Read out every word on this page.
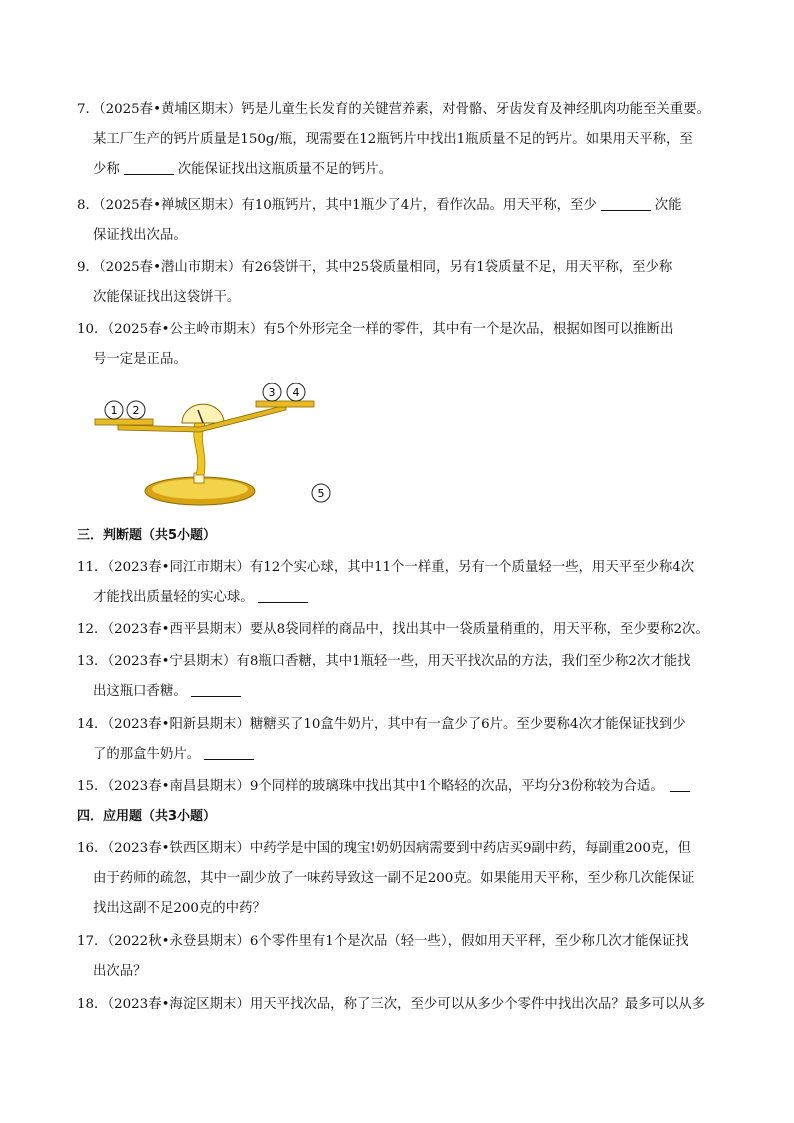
7．（2025春•黄埔区期末）钙是儿童生长发育的关键营养素，对骨骼、牙齿发育及神经肌肉功能至关重要。
某工厂生产的钙片质量是150g/瓶，现需要在12瓶钙片中找出1瓶质量不足的钙片。如果用天平称，至
少称	次能保证找出这瓶质量不足的钙片。
8．（2025春•禅城区期末）有10瓶钙片，其中1瓶少了4片，看作次品。用天平称，至少	次能
保证找出次品。
9．（2025春•潜山市期末）有26袋饼干，其中25袋质量相同，另有1袋质量不足，用天平称，至少称
次能保证找出这袋饼干。
10．（2025春•公主岭市期末）有5个外形完全一样的零件，其中有一个是次品，根据如图可以推断出
号一定是正品。
1 2
3 4
5
三．判断题（共5小题）
11．（2023春•同江市期末）有12个实心球，其中11个一样重，另有一个质量轻一些，用天平至少称4次
才能找出质量轻的实心球。
12．（2023春•西平县期末）要从8袋同样的商品中，找出其中一袋质量稍重的，用天平称，至少要称2次。
13．（2023春•宁县期末）有8瓶口香糖，其中1瓶轻一些，用天平找次品的方法，我们至少称2次才能找
出这瓶口香糖。
14．（2023春•阳新县期末）糖糖买了10盒牛奶片，其中有一盒少了6片。至少要称4次才能保证找到少
了的那盒牛奶片。
15．（2023春•南昌县期末）9个同样的玻璃珠中找出其中1个略轻的次品，平均分3份称较为合适。
四．应用题（共3小题）
16．（2023春•铁西区期末）中药学是中国的瑰宝!奶奶因病需要到中药店买9副中药，每副重200克，但
由于药师的疏忽，其中一副少放了一味药导致这一副不足200克。如果能用天平称，至少称几次能保证
找出这副不足200克的中药？
17．（2022秋•永登县期末）6个零件里有1个是次品（轻一些），假如用天平秤，至少称几次才能保证找
出次品？
18．（2023春•海淀区期末）用天平找次品，称了三次，至少可以从多少个零件中找出次品？最多可以从多
